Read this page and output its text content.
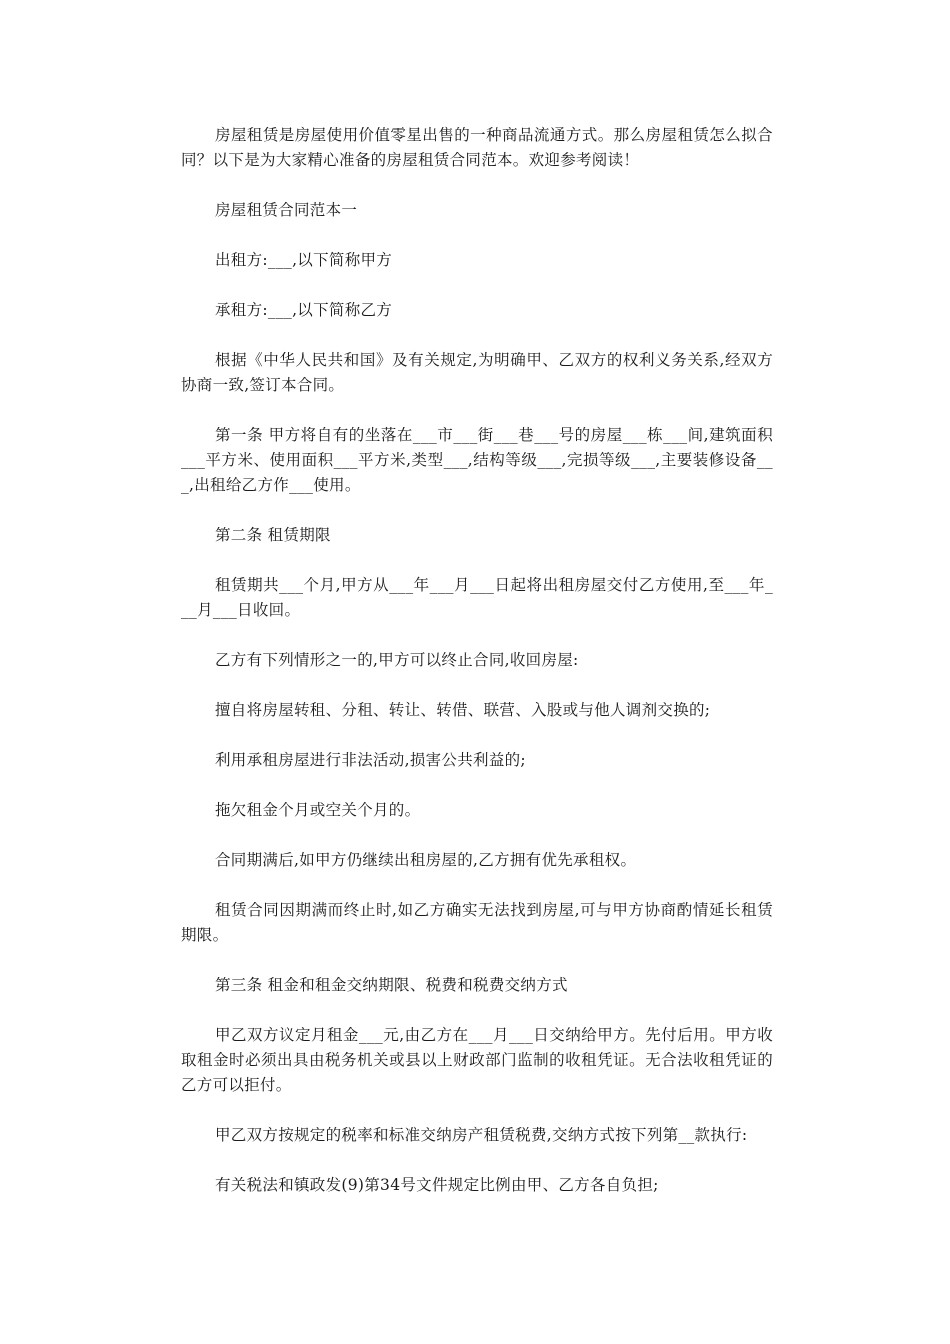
房屋租赁是房屋使用价值零星出售的一种商品流通方式。那么房屋租赁怎么拟合同？以下是为大家精心准备的房屋租赁合同范本。欢迎参考阅读！

房屋租赁合同范本一

出租方:___,以下简称甲方

承租方:___,以下简称乙方

根据《中华人民共和国》及有关规定,为明确甲、乙双方的权利义务关系,经双方协商一致,签订本合同。

第一条 甲方将自有的坐落在___市___街___巷___号的房屋___栋___间,建筑面积___平方米、使用面积___平方米,类型___,结构等级___,完损等级___,主要装修设备___,出租给乙方作___使用。

第二条 租赁期限

租赁期共___个月,甲方从___年___月___日起将出租房屋交付乙方使用,至___年___月___日收回。

乙方有下列情形之一的,甲方可以终止合同,收回房屋:

擅自将房屋转租、分租、转让、转借、联营、入股或与他人调剂交换的;

利用承租房屋进行非法活动,损害公共利益的;

拖欠租金个月或空关个月的。

合同期满后,如甲方仍继续出租房屋的,乙方拥有优先承租权。

租赁合同因期满而终止时,如乙方确实无法找到房屋,可与甲方协商酌情延长租赁期限。

第三条 租金和租金交纳期限、税费和税费交纳方式

甲乙双方议定月租金___元,由乙方在___月___日交纳给甲方。先付后用。甲方收取租金时必须出具由税务机关或县以上财政部门监制的收租凭证。无合法收租凭证的乙方可以拒付。

甲乙双方按规定的税率和标准交纳房产租赁税费,交纳方式按下列第__款执行:

有关税法和镇政发(9)第34号文件规定比例由甲、乙方各自负担;
